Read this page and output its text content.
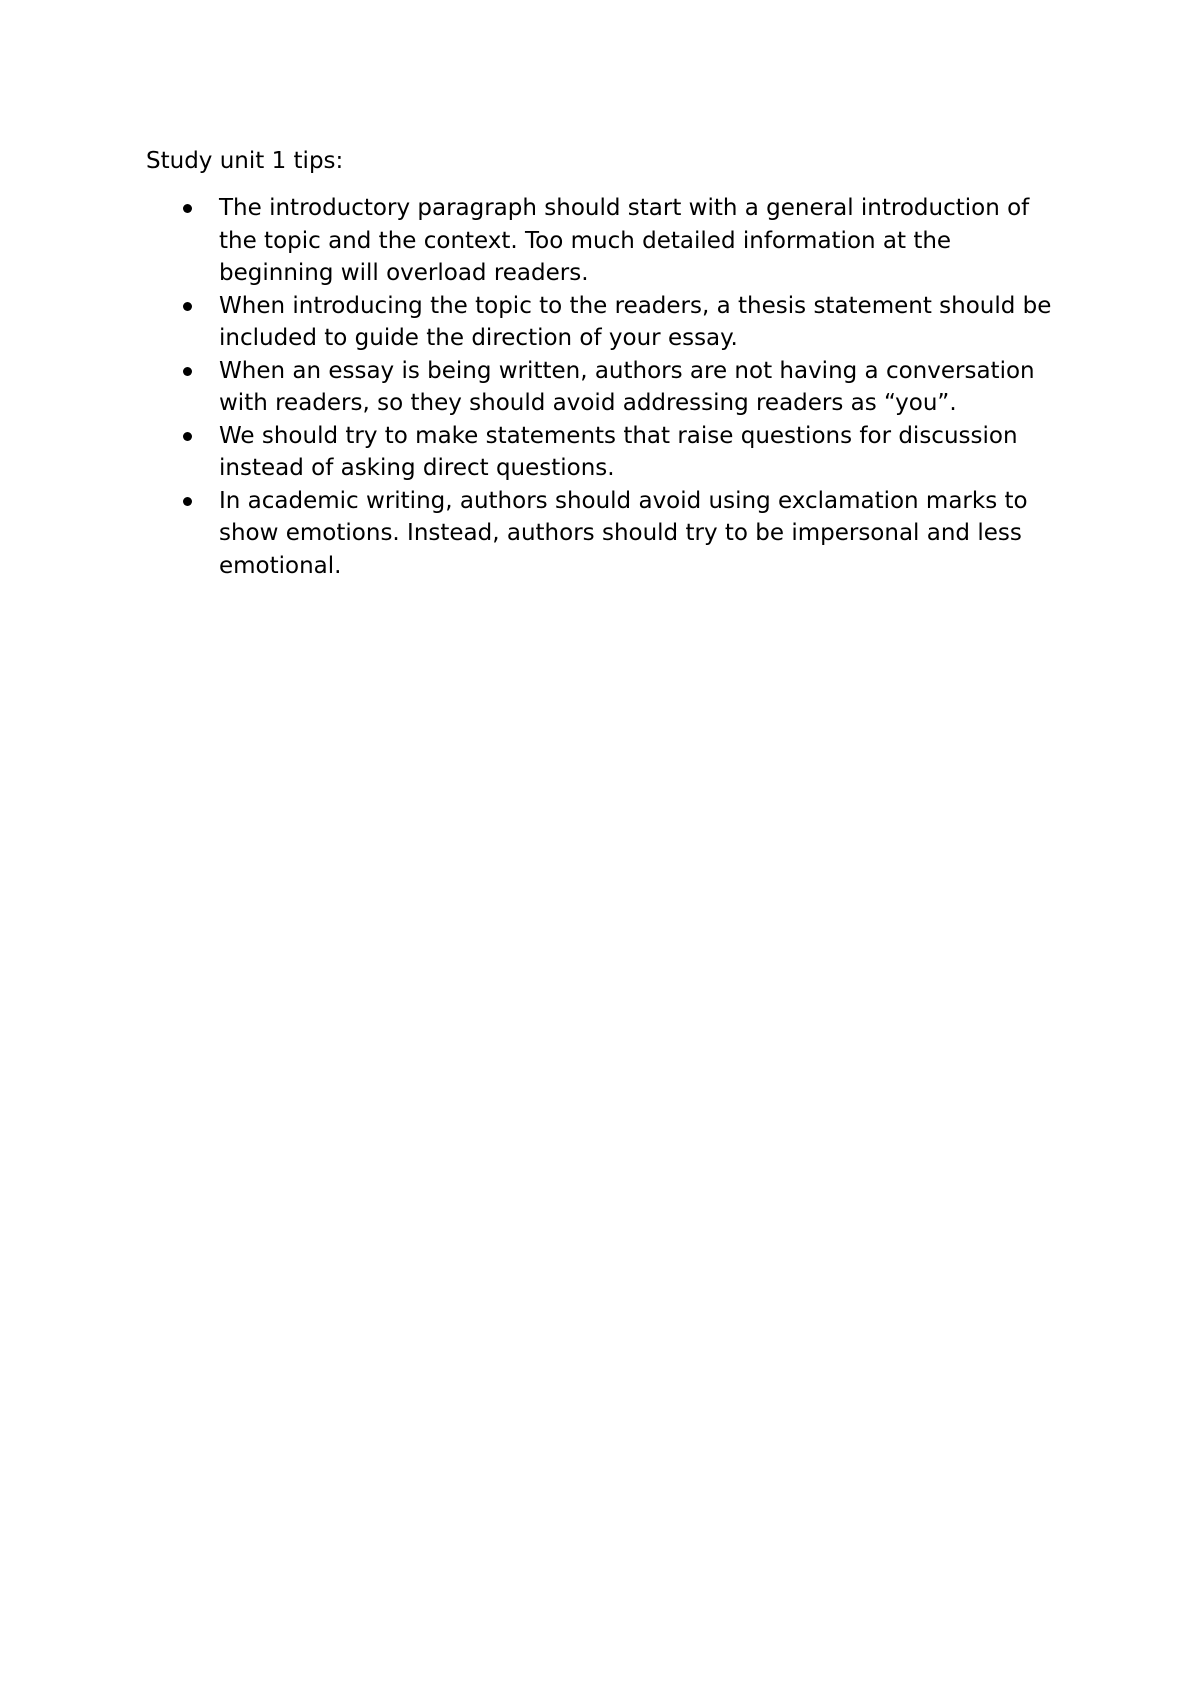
Study unit 1 tips:

The introductory paragraph should start with a general introduction of the topic and the context. Too much detailed information at the beginning will overload readers.
When introducing the topic to the readers, a thesis statement should be included to guide the direction of your essay.
When an essay is being written, authors are not having a conversation with readers, so they should avoid addressing readers as “you”.
We should try to make statements that raise questions for discussion instead of asking direct questions.
In academic writing, authors should avoid using exclamation marks to show emotions. Instead, authors should try to be impersonal and less emotional.
